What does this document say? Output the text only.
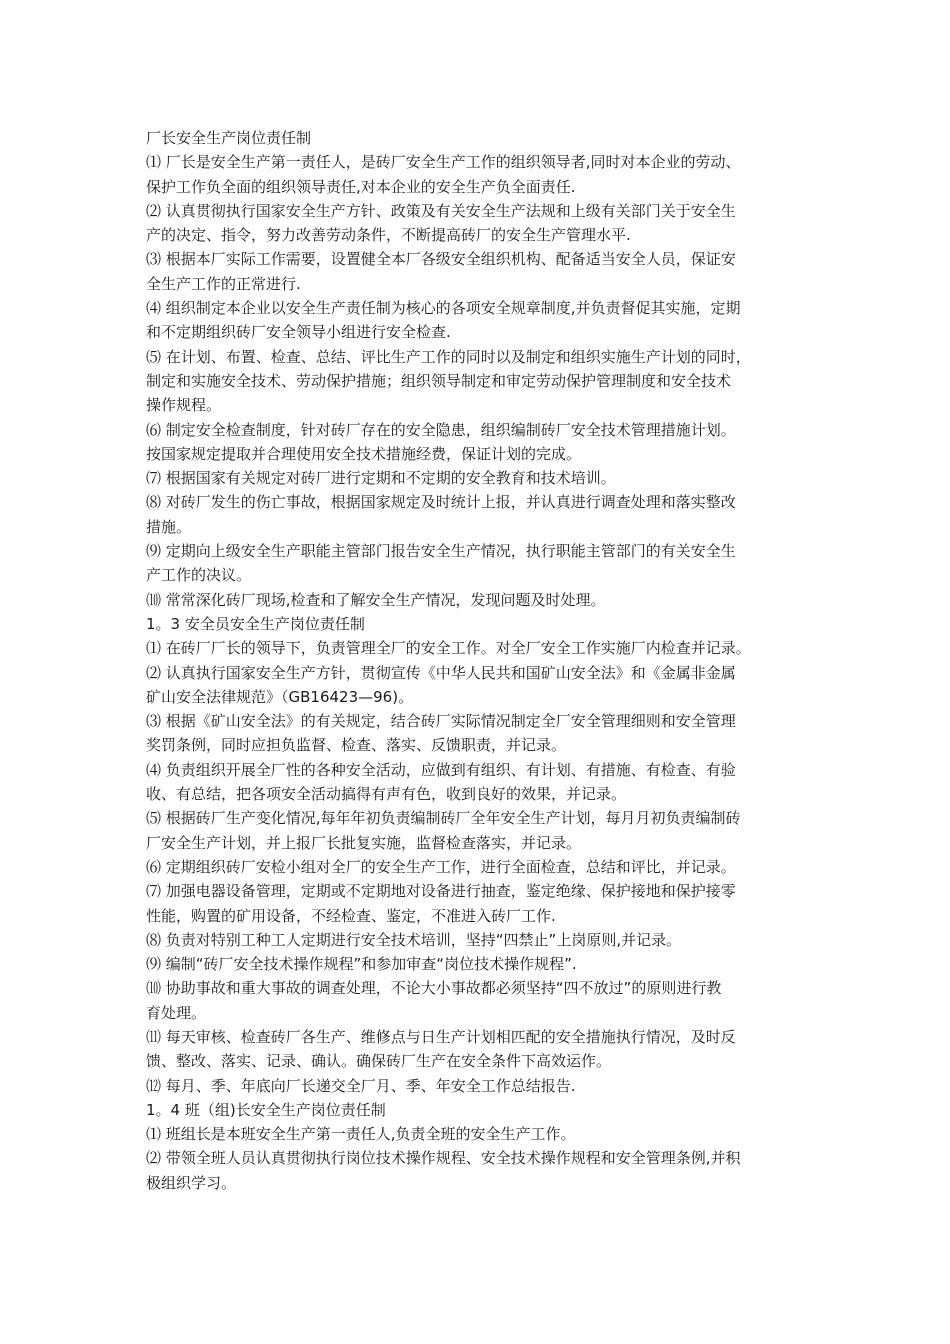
厂长安全生产岗位责任制
⑴ 厂长是安全生产第一责任人，是砖厂安全生产工作的组织领导者,同时对本企业的劳动、
保护工作负全面的组织领导责任,对本企业的安全生产负全面责任.
⑵ 认真贯彻执行国家安全生产方针、政策及有关安全生产法规和上级有关部门关于安全生
产的决定、指令，努力改善劳动条件，不断提高砖厂的安全生产管理水平.
⑶ 根据本厂实际工作需要，设置健全本厂各级安全组织机构、配备适当安全人员，保证安
全生产工作的正常进行.
⑷ 组织制定本企业以安全生产责任制为核心的各项安全规章制度,并负责督促其实施，定期
和不定期组织砖厂安全领导小组进行安全检查.
⑸ 在计划、布置、检查、总结、评比生产工作的同时以及制定和组织实施生产计划的同时，
制定和实施安全技术、劳动保护措施；组织领导制定和审定劳动保护管理制度和安全技术
操作规程。
⑹ 制定安全检查制度，针对砖厂存在的安全隐患，组织编制砖厂安全技术管理措施计划。
按国家规定提取并合理使用安全技术措施经费，保证计划的完成。
⑺ 根据国家有关规定对砖厂进行定期和不定期的安全教育和技术培训。
⑻ 对砖厂发生的伤亡事故，根据国家规定及时统计上报，并认真进行调查处理和落实整改
措施。
⑼ 定期向上级安全生产职能主管部门报告安全生产情况，执行职能主管部门的有关安全生
产工作的决议。
⑽ 常常深化砖厂现场,检查和了解安全生产情况，发现问题及时处理。
1。3 安全员安全生产岗位责任制
⑴ 在砖厂厂长的领导下，负责管理全厂的安全工作。对全厂安全工作实施厂内检查并记录。
⑵ 认真执行国家安全生产方针，贯彻宣传《中华人民共和国矿山安全法》和《金属非金属
矿山安全法律规范》（GB16423—96)。
⑶ 根据《矿山安全法》的有关规定，结合砖厂实际情况制定全厂安全管理细则和安全管理
奖罚条例，同时应担负监督、检查、落实、反馈职责，并记录。
⑷ 负责组织开展全厂性的各种安全活动，应做到有组织、有计划、有措施、有检查、有验
收、有总结，把各项安全活动搞得有声有色，收到良好的效果，并记录。
⑸ 根据砖厂生产变化情况,每年年初负责编制砖厂全年安全生产计划，每月月初负责编制砖
厂安全生产计划，并上报厂长批复实施，监督检查落实，并记录。
⑹ 定期组织砖厂安检小组对全厂的安全生产工作，进行全面检查，总结和评比，并记录。
⑺ 加强电器设备管理，定期或不定期地对设备进行抽查，鉴定绝缘、保护接地和保护接零
性能，购置的矿用设备，不经检查、鉴定，不准进入砖厂工作.
⑻ 负责对特别工种工人定期进行安全技术培训，坚持“四禁止”上岗原则,并记录。
⑼ 编制“砖厂安全技术操作规程”和参加审查“岗位技术操作规程”.
⑽ 协助事故和重大事故的调查处理，不论大小事故都必须坚持“四不放过”的原则进行教
育处理。
⑾ 每天审核、检查砖厂各生产、维修点与日生产计划相匹配的安全措施执行情况，及时反
馈、整改、落实、记录、确认。确保砖厂生产在安全条件下高效运作。
⑿ 每月、季、年底向厂长递交全厂月、季、年安全工作总结报告.
1。4 班（组)长安全生产岗位责任制
⑴ 班组长是本班安全生产第一责任人,负责全班的安全生产工作。
⑵ 带领全班人员认真贯彻执行岗位技术操作规程、安全技术操作规程和安全管理条例,并积
极组织学习。
